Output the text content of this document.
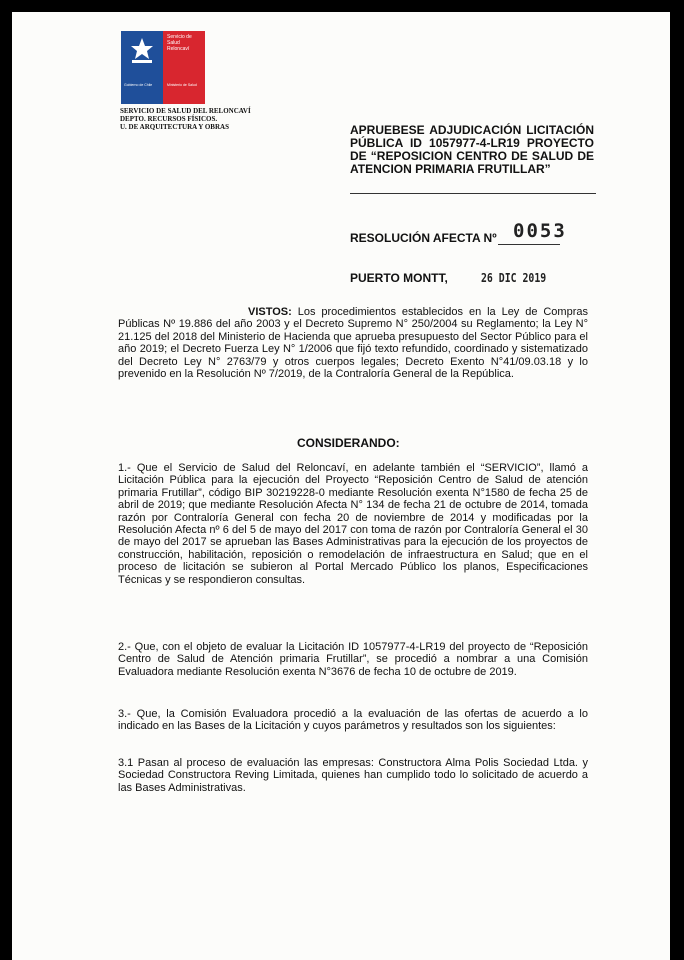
Gobierno de Chile
Servicio de Salud
Reloncaví
Ministerio de Salud
SERVICIO DE SALUD DEL RELONCAVÍ
DEPTO. RECURSOS FÍSICOS.
U. DE ARQUITECTURA Y OBRAS	APRUEBESE ADJUDICACIÓN LICITACIÓN PÚBLICA ID 1057977-4-LR19 PROYECTO DE “REPOSICION CENTRO DE SALUD DE ATENCION PRIMARIA FRUTILLAR”
RESOLUCIÓN AFECTA Nº 0053
PUERTO MONTT,	26 DIC 2019

VISTOS: Los procedimientos establecidos en la Ley de Compras Públicas Nº 19.886 del año 2003 y el Decreto Supremo N° 250/2004 su Reglamento; la Ley N° 21.125 del 2018 del Ministerio de Hacienda que aprueba presupuesto del Sector Público para el año 2019; el Decreto Fuerza Ley N° 1/2006 que fijó texto refundido, coordinado y sistematizado del Decreto Ley N° 2763/79 y otros cuerpos legales; Decreto Exento N°41/09.03.18 y lo prevenido en la Resolución Nº 7/2019, de la Contraloría General de la República.

CONSIDERANDO:

1.- Que el Servicio de Salud del Reloncaví, en adelante también el “SERVICIO”, llamó a Licitación Pública para la ejecución del Proyecto “Reposición Centro de Salud de atención primaria Frutillar”, código BIP 30219228-0 mediante Resolución exenta N°1580 de fecha 25 de abril de 2019; que mediante Resolución Afecta N° 134 de fecha 21 de octubre de 2014, tomada razón por Contraloría General con fecha 20 de noviembre de 2014 y modificadas por la Resolución Afecta nº 6 del 5 de mayo del 2017 con toma de razón por Contraloría General el 30 de mayo del 2017 se aprueban las Bases Administrativas para la ejecución de los proyectos de construcción, habilitación, reposición o remodelación de infraestructura en Salud; que en el proceso de licitación se subieron al Portal Mercado Público los planos, Especificaciones Técnicas y se respondieron consultas.

2.- Que, con el objeto de evaluar la Licitación ID 1057977-4-LR19 del proyecto de “Reposición Centro de Salud de Atención primaria Frutillar”, se procedió a nombrar a una Comisión Evaluadora mediante Resolución exenta N°3676 de fecha 10 de octubre de 2019.

3.- Que, la Comisión Evaluadora procedió a la evaluación de las ofertas de acuerdo a lo indicado en las Bases de la Licitación y cuyos parámetros y resultados son los siguientes:

3.1 Pasan al proceso de evaluación las empresas: Constructora Alma Polis Sociedad Ltda. y Sociedad Constructora Reving Limitada, quienes han cumplido todo lo solicitado de acuerdo a las Bases Administrativas.
